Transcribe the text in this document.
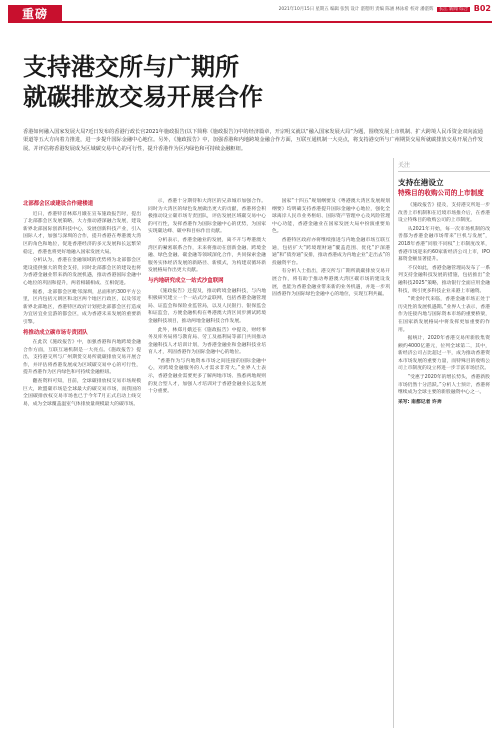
重磅	2021年10月15日 星期五 编辑 张凯 设计 湛程明 责编 陈涵 林泳希 校对 潘湛辉 长江 新闻 综合 B02
支持港交所与广期所
就碳排放交易开展合作
香港如何融入国家发展大局?近日发布的香港行政长官2021年施政报告(以下简称《施政报告》)中的经济篇章，开宗明义就以“融入国家发展大局”为题，围绕发展上市机制、扩大跨境人民币资金双向流通渠道等五大方向着力推进，进一步提升国际金融中心地位。另外，《施政报告》中，加强香港和内地跨境金融合作方面，互联互通机制一大亮点，将支持港交所与广州期货交易所就碳排放交易开展合作发展。并评估将香港发展成为区域碳交易中心的可行性，提升香港作为区内绿色和可持续金融枢纽。
北部都会区或建设合作建楼道

近日，香港特首林郑月娥在宣布施政报告时，提出了北部都会区发展策略，大力推动港深融合发展，建设新界北部国际创新科技中心，发展创新科技产业，引入国际人才，加强与深圳的合作，提升香港在粤港澳大湾区的角色和地位，促进香港经济的多元发展和长远繁荣稳定，香港也将更好地融入国家发展大局。

分析认为，香港在金融领域的优势将为北部都会区建设提供强大的资金支持，同时北部都会区的建设也将为香港金融业带来新的发展机遇，推动香港国际金融中心地位的巩固和提升，两者相辅相成、互相促进。

据悉，北部都会区毗邻深圳，总面积约300平方公里，区内包括元朗区和北区两个地区行政区，以及邻近新界北部地区，香港特区政府计划把北部都会区打造成为宜居宜业宜游的都会区，成为香港未来发展的重要新引擎。

将推动成立碳市场专责团队

在此次《施政报告》中，加强香港和内地跨境金融合作方面，互联互通机制是一大亮点。《施政报告》提出，支持港交所与广州期货交易所就碳排放交易开展合作，并评估将香港发展成为区域碳交易中心的可行性，提升香港作为区内绿色和可持续金融枢纽。

翻查资料可知，目前，全球碳排放权交易市场规模巨大，欧盟碳市场是全球最大的碳交易市场，而我国的全国碳排放权交易市场也已于今年7月正式启动上线交易，成为全球覆盖温室气体排放量规模最大的碳市场。

示，香港十分期待和大湾区的兄弟城市加强合作。同时为大湾区的绿色发展做出更大的贡献，香港将会积极推动设立碳市场专责团队，评估发展区域碳交易中心的可行性，发挥香港作为国际金融中心的优势，为国家实现碳达峰、碳中和目标作出贡献。

分析表示，香港金融业的发展，离不开与粤港澳大湾区的紧密联系合作，未来将推动在创新金融、跨境金融、绿色金融、碳金融等领域深化合作，共同探索金融服务实体经济发展的新路径、新模式，为构建双循环新发展格局作出更大贡献。

与内地研究成立一站式沙盒联网

《施政报告》还提及，推动跨境金融科技，与内地积极研究建立一个一站式沙盒联网，包括香港金融管理局、证监会和保险业监管局，以及人民银行、银保监会和证监会，方便金融机构在粤港澳大湾区同步测试跨境金融科技项目，推动两地金融科技合作发展。

此外，林郑月娥还在《施政报告》中提及，财经事务及库务局将与教育局、劳工及福利局等部门共同推动金融科技人才培训计划，为香港金融业和金融科技业培育人才，巩固香港作为国际金融中心的地位。

“香港作为与内地资本市场之间连接的国际金融中心，对跨境金融服务的人才需求非常大。”业界人士表示，香港金融业需要更多了解两地市场、熟悉两地规则的复合型人才，加强人才培训对于香港金融业长远发展十分重要。

国家“十四五”规划纲要及《粤港澳大湾区发展规划纲要》均明确支持香港提升国际金融中心地位，强化全球离岸人民币业务枢纽、国际资产管理中心及风险管理中心功能，香港金融业在国家发展大局中扮演重要角色。

香港特区政府亦将继续推进与内地金融市场互联互通，包括扩大“跨境理财通”覆盖范围、优化“沪深港通”和“债券通”安排，推动香港成为内地企业“走出去”的投融资平台。

有分析人士指出，港交所与广期所就碳排放交易开展合作，将有助于推动粤港澳大湾区碳市场的建设发展，也能为香港金融业带来新的业务机遇，并进一步巩固香港作为国际绿色金融中心的地位，实现互利共赢。

关注
支持在港设立
特殊目的收购公司的上市制度

《施政报告》提及，支持港交所进一步改善上市机制和在近境市场推介后，在香港设立特殊目的收购公司的上市制度。

从2021年开始，每一次市场机制的改善都为香港金融市场带来“巨机与发展”，2018年香港“同股不同权”上市制度改革，香港市场迎来约60家新经济公司上市，IPO募资金额显著提升。

不仅如此，香港金融管理局发布了一系列支持金融科技发展的措施，包括推出“金融科技2025”策略，推动银行全面应用金融科技，吸引更多科技企业来港上市融资。

“黄金时代来临，香港金融市场正处于历史性的发展机遇期。”业界人士表示，香港作为连接内地与国际资本市场的重要桥梁，在国家新发展格局中将发挥更加重要的作用。

据统计，2020年香港交易所新股集资额约4000亿港元，位列全球第二，其中，新经济公司占比超过一半，成为推动香港资本市场发展的重要力量，而特殊目的收购公司上市制度的设立将进一步丰富市场层次。

“受惠于2020年的增长势头，香港新股市场仍然十分活跃。”分析人士预计，香港将继续成为全球主要的新股融资中心之一。

采写: 南都记者 许奔
